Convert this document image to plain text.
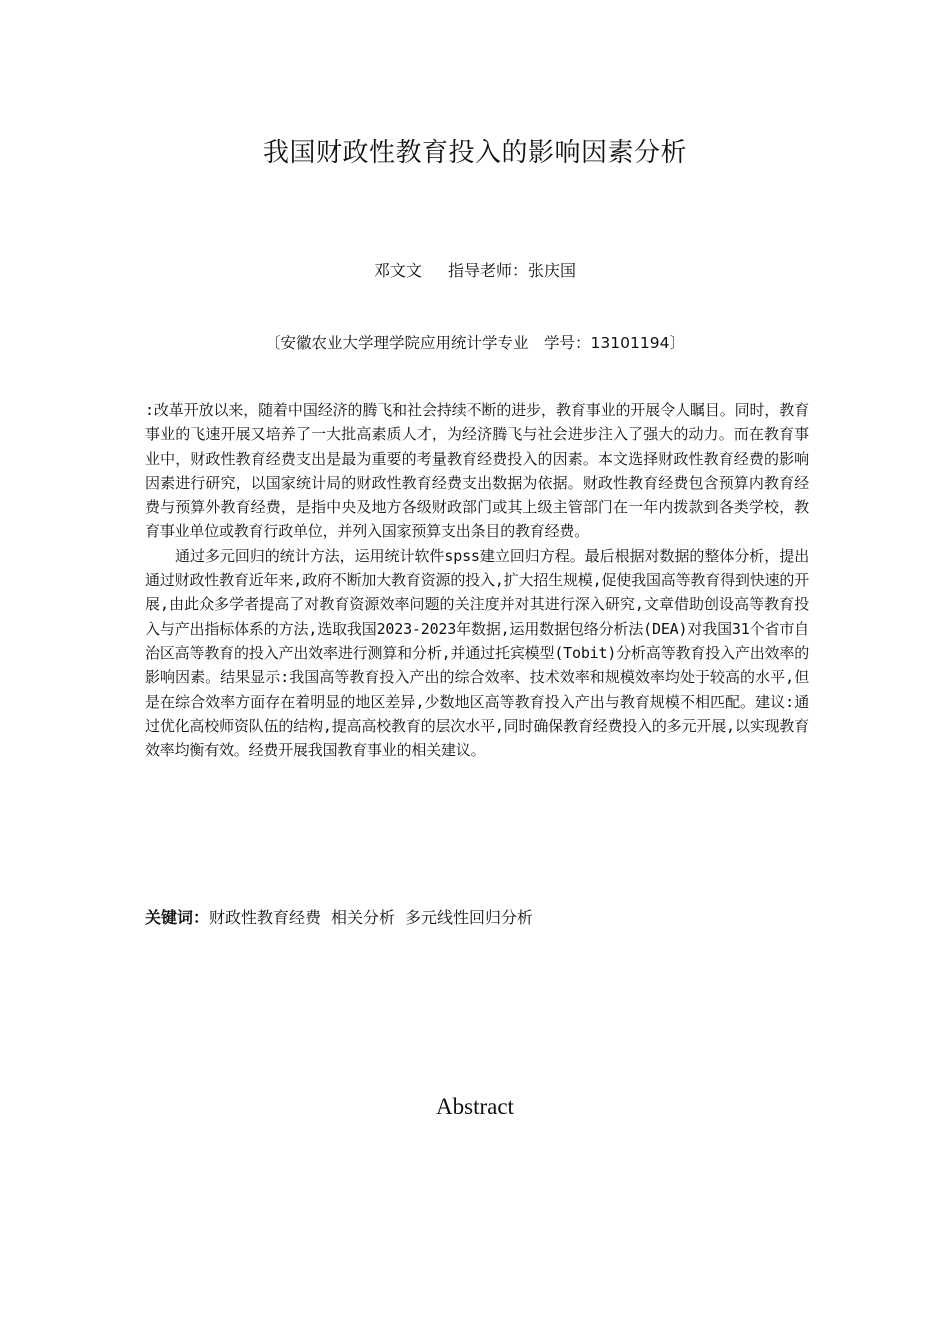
我国财政性教育投入的影响因素分析
邓文文 指导老师：张庆国
〔安徽农业大学理学院应用统计学专业　学号：13101194〕

:改革开放以来，随着中国经济的腾飞和社会持续不断的进步，教育事业的开展令人瞩目。同时，教育事业的飞速开展又培养了一大批高素质人才，为经济腾飞与社会进步注入了强大的动力。而在教育事业中，财政性教育经费支出是最为重要的考量教育经费投入的因素。本文选择财政性教育经费的影响因素进行研究，以国家统计局的财政性教育经费支出数据为依据。财政性教育经费包含预算内教育经费与预算外教育经费，是指中央及地方各级财政部门或其上级主管部门在一年内拨款到各类学校，教育事业单位或教育行政单位，并列入国家预算支出条目的教育经费。

通过多元回归的统计方法，运用统计软件spss建立回归方程。最后根据对数据的整体分析，提出通过财政性教育近年来,政府不断加大教育资源的投入,扩大招生规模,促使我国高等教育得到快速的开展,由此众多学者提高了对教育资源效率问题的关注度并对其进行深入研究,文章借助创设高等教育投入与产出指标体系的方法,选取我国2023-2023年数据,运用数据包络分析法(DEA)对我国31个省市自治区高等教育的投入产出效率进行测算和分析,并通过托宾模型(Tobit)分析高等教育投入产出效率的影响因素。结果显示:我国高等教育投入产出的综合效率、技术效率和规模效率均处于较高的水平,但是在综合效率方面存在着明显的地区差异,少数地区高等教育投入产出与教育规模不相匹配。建议:通过优化高校师资队伍的结构,提高高校教育的层次水平,同时确保教育经费投入的多元开展,以实现教育效率均衡有效。经费开展我国教育事业的相关建议。

关键词：财政性教育经费 相关分析 多元线性回归分析
Abstract
